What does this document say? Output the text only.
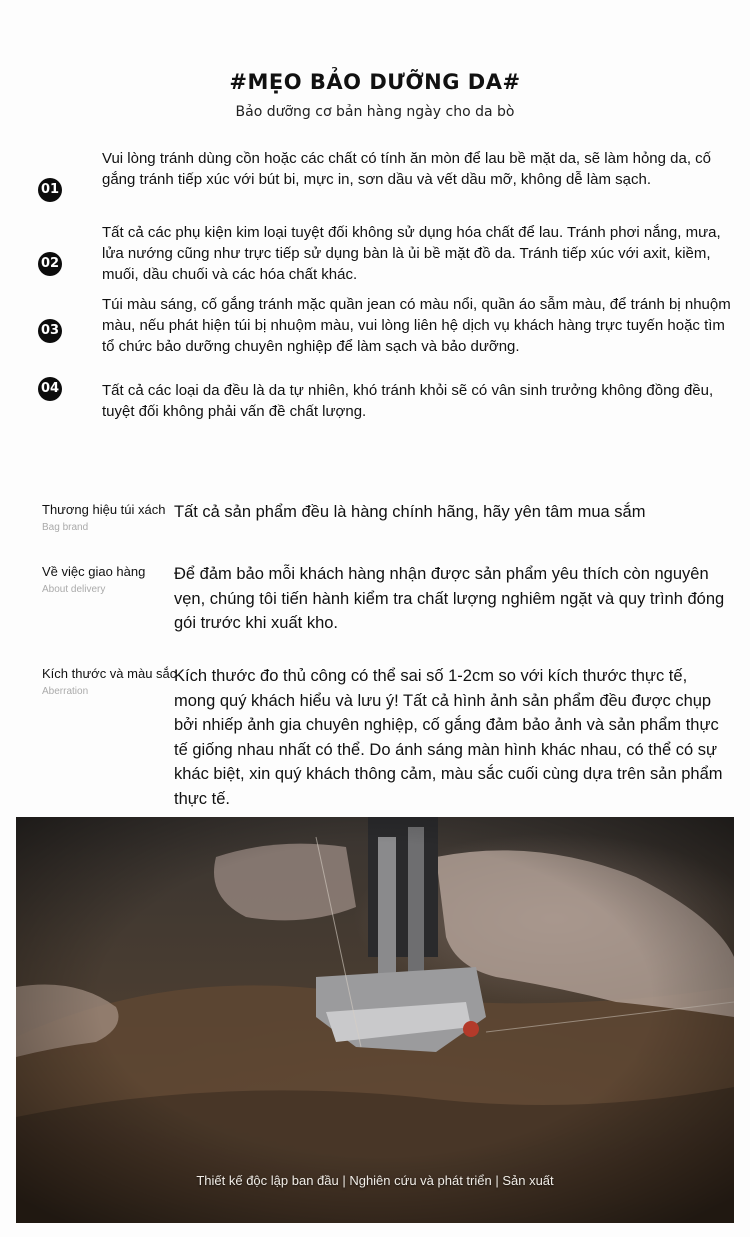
#MẸO BẢO DƯỠNG DA#
Bảo dưỡng cơ bản hàng ngày cho da bò
01
Vui lòng tránh dùng cồn hoặc các chất có tính ăn mòn để lau bề mặt da, sẽ làm hỏng da, cố gắng tránh tiếp xúc với bút bi, mực in, sơn dầu và vết dầu mỡ, không dễ làm sạch.
02
Tất cả các phụ kiện kim loại tuyệt đối không sử dụng hóa chất để lau. Tránh phơi nắng, mưa, lửa nướng cũng như trực tiếp sử dụng bàn là ủi bề mặt đồ da. Tránh tiếp xúc với axit, kiềm, muối, dầu chuối và các hóa chất khác.
03
Túi màu sáng, cố gắng tránh mặc quần jean có màu nổi, quần áo sẫm màu, để tránh bị nhuộm màu, nếu phát hiện túi bị nhuộm màu, vui lòng liên hệ dịch vụ khách hàng trực tuyến hoặc tìm tổ chức bảo dưỡng chuyên nghiệp để làm sạch và bảo dưỡng.
04	Tất cả các loại da đều là da tự nhiên, khó tránh khỏi sẽ có vân sinh trưởng không đồng đều, tuyệt đối không phải vấn đề chất lượng.
Thương hiệu túi xách
Bag brand
Tất cả sản phẩm đều là hàng chính hãng, hãy yên tâm mua sắm
Về việc giao hàng
About delivery
Để đảm bảo mỗi khách hàng nhận được sản phẩm yêu thích còn nguyên vẹn, chúng tôi tiến hành kiểm tra chất lượng nghiêm ngặt và quy trình đóng gói trước khi xuất kho.
Kích thước và màu sắc
Aberration
Kích thước đo thủ công có thể sai số 1-2cm so với kích thước thực tế, mong quý khách hiểu và lưu ý! Tất cả hình ảnh sản phẩm đều được chụp bởi nhiếp ảnh gia chuyên nghiệp, cố gắng đảm bảo ảnh và sản phẩm thực tế giống nhau nhất có thể. Do ánh sáng màn hình khác nhau, có thể có sự khác biệt, xin quý khách thông cảm, màu sắc cuối cùng dựa trên sản phẩm thực tế.
Thiết kế độc lập ban đầu | Nghiên cứu và phát triển | Sản xuất
